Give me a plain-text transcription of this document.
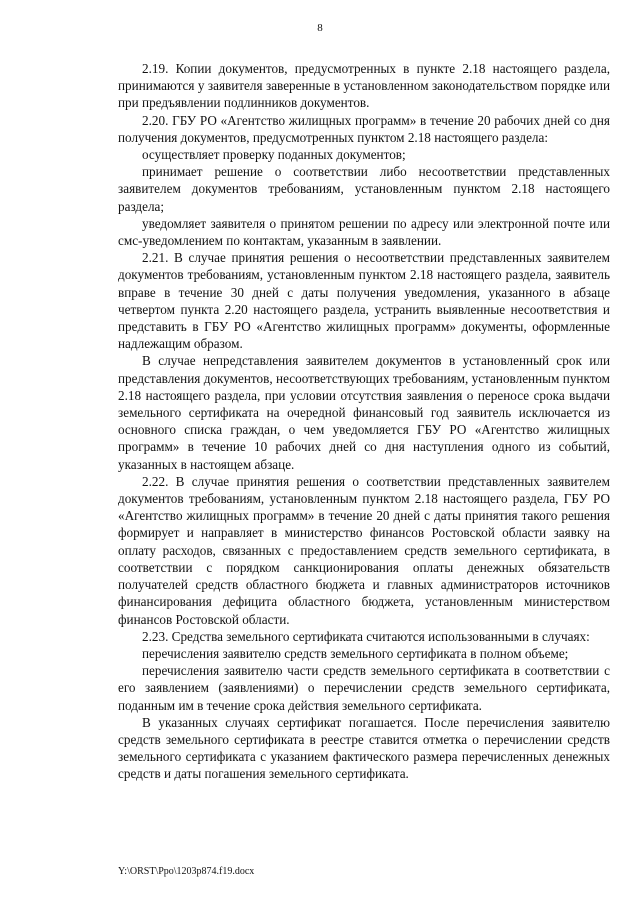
8

2.19. Копии документов, предусмотренных в пункте 2.18 настоящего раздела, принимаются у заявителя заверенные в установленном законодательством порядке или при предъявлении подлинников документов.

2.20. ГБУ РО «Агентство жилищных программ» в течение 20 рабочих дней со дня получения документов, предусмотренных пунктом 2.18 настоящего раздела:

осуществляет проверку поданных документов;

принимает решение о соответствии либо несоответствии представленных заявителем документов требованиям, установленным пунктом 2.18 настоящего раздела;

уведомляет заявителя о принятом решении по адресу или электронной почте или смс-уведомлением по контактам, указанным в заявлении.

2.21. В случае принятия решения о несоответствии представленных заявителем документов требованиям, установленным пунктом 2.18 настоящего раздела, заявитель вправе в течение 30 дней с даты получения уведомления, указанного в абзаце четвертом пункта 2.20 настоящего раздела, устранить выявленные несоответствия и представить в ГБУ РО «Агентство жилищных программ» документы, оформленные надлежащим образом.

В случае непредставления заявителем документов в установленный срок или представления документов, несоответствующих требованиям, установленным пунктом 2.18 настоящего раздела, при условии отсутствия заявления о переносе срока выдачи земельного сертификата на очередной финансовый год заявитель исключается из основного списка граждан, о чем уведомляется ГБУ РО «Агентство жилищных программ» в течение 10 рабочих дней со дня наступления одного из событий, указанных в настоящем абзаце.

2.22. В случае принятия решения о соответствии представленных заявителем документов требованиям, установленным пунктом 2.18 настоящего раздела, ГБУ РО «Агентство жилищных программ» в течение 20 дней с даты принятия такого решения формирует и направляет в министерство финансов Ростовской области заявку на оплату расходов, связанных с предоставлением средств земельного сертификата, в соответствии с порядком санкционирования оплаты денежных обязательств получателей средств областного бюджета и главных администраторов источников финансирования дефицита областного бюджета, установленным министерством финансов Ростовской области.

2.23. Средства земельного сертификата считаются использованными в случаях:

перечисления заявителю средств земельного сертификата в полном объеме;

перечисления заявителю части средств земельного сертификата в соответствии с его заявлением (заявлениями) о перечислении средств земельного сертификата, поданным им в течение срока действия земельного сертификата.

В указанных случаях сертификат погашается. После перечисления заявителю средств земельного сертификата в реестре ставится отметка о перечислении средств земельного сертификата с указанием фактического размера перечисленных денежных средств и даты погашения земельного сертификата.

Y:\ORST\Ppo\1203p874.f19.docx
